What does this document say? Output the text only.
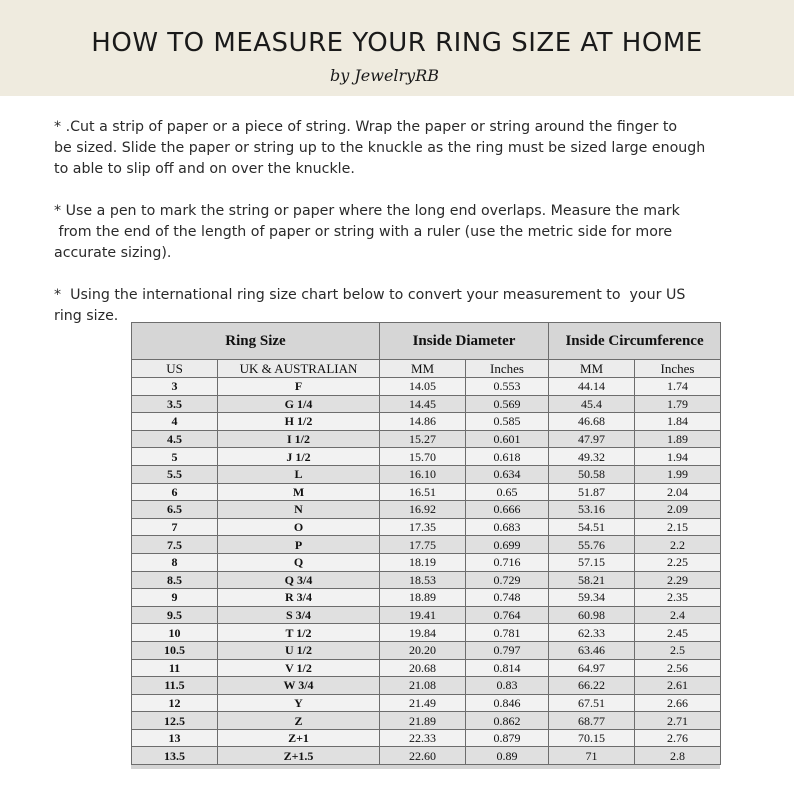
HOW TO MEASURE YOUR RING SIZE AT HOME
by JewelryRB
* .Cut a strip of paper or a piece of string. Wrap the paper or string around the finger to
be sized. Slide the paper or string up to the knuckle as the ring must be sized large enough
to able to slip off and on over the knuckle.
* Use a pen to mark the string or paper where the long end overlaps. Measure the mark
from the end of the length of paper or string with a ruler (use the metric side for more
accurate sizing).
*  Using the international ring size chart below to convert your measurement to  your US
ring size.
Ring Size		Inside Diameter		Inside Circumference	
US	UK & AUSTRALIAN	MM	Inches	MM	Inches
3	F	14.05	0.553	44.14	1.74
3.5	G 1/4	14.45	0.569	45.4	1.79
4	H 1/2	14.86	0.585	46.68	1.84
4.5	I 1/2	15.27	0.601	47.97	1.89
5	J 1/2	15.70	0.618	49.32	1.94
5.5	L	16.10	0.634	50.58	1.99
6	M	16.51	0.65	51.87	2.04
6.5	N	16.92	0.666	53.16	2.09
7	O	17.35	0.683	54.51	2.15
7.5	P	17.75	0.699	55.76	2.2
8	Q	18.19	0.716	57.15	2.25
8.5	Q 3/4	18.53	0.729	58.21	2.29
9	R 3/4	18.89	0.748	59.34	2.35
9.5	S 3/4	19.41	0.764	60.98	2.4
10	T 1/2	19.84	0.781	62.33	2.45
10.5	U 1/2	20.20	0.797	63.46	2.5
11	V 1/2	20.68	0.814	64.97	2.56
11.5	W 3/4	21.08	0.83	66.22	2.61
12	Y	21.49	0.846	67.51	2.66
12.5	Z	21.89	0.862	68.77	2.71
13	Z+1	22.33	0.879	70.15	2.76
13.5	Z+1.5	22.60	0.89	71	2.8
